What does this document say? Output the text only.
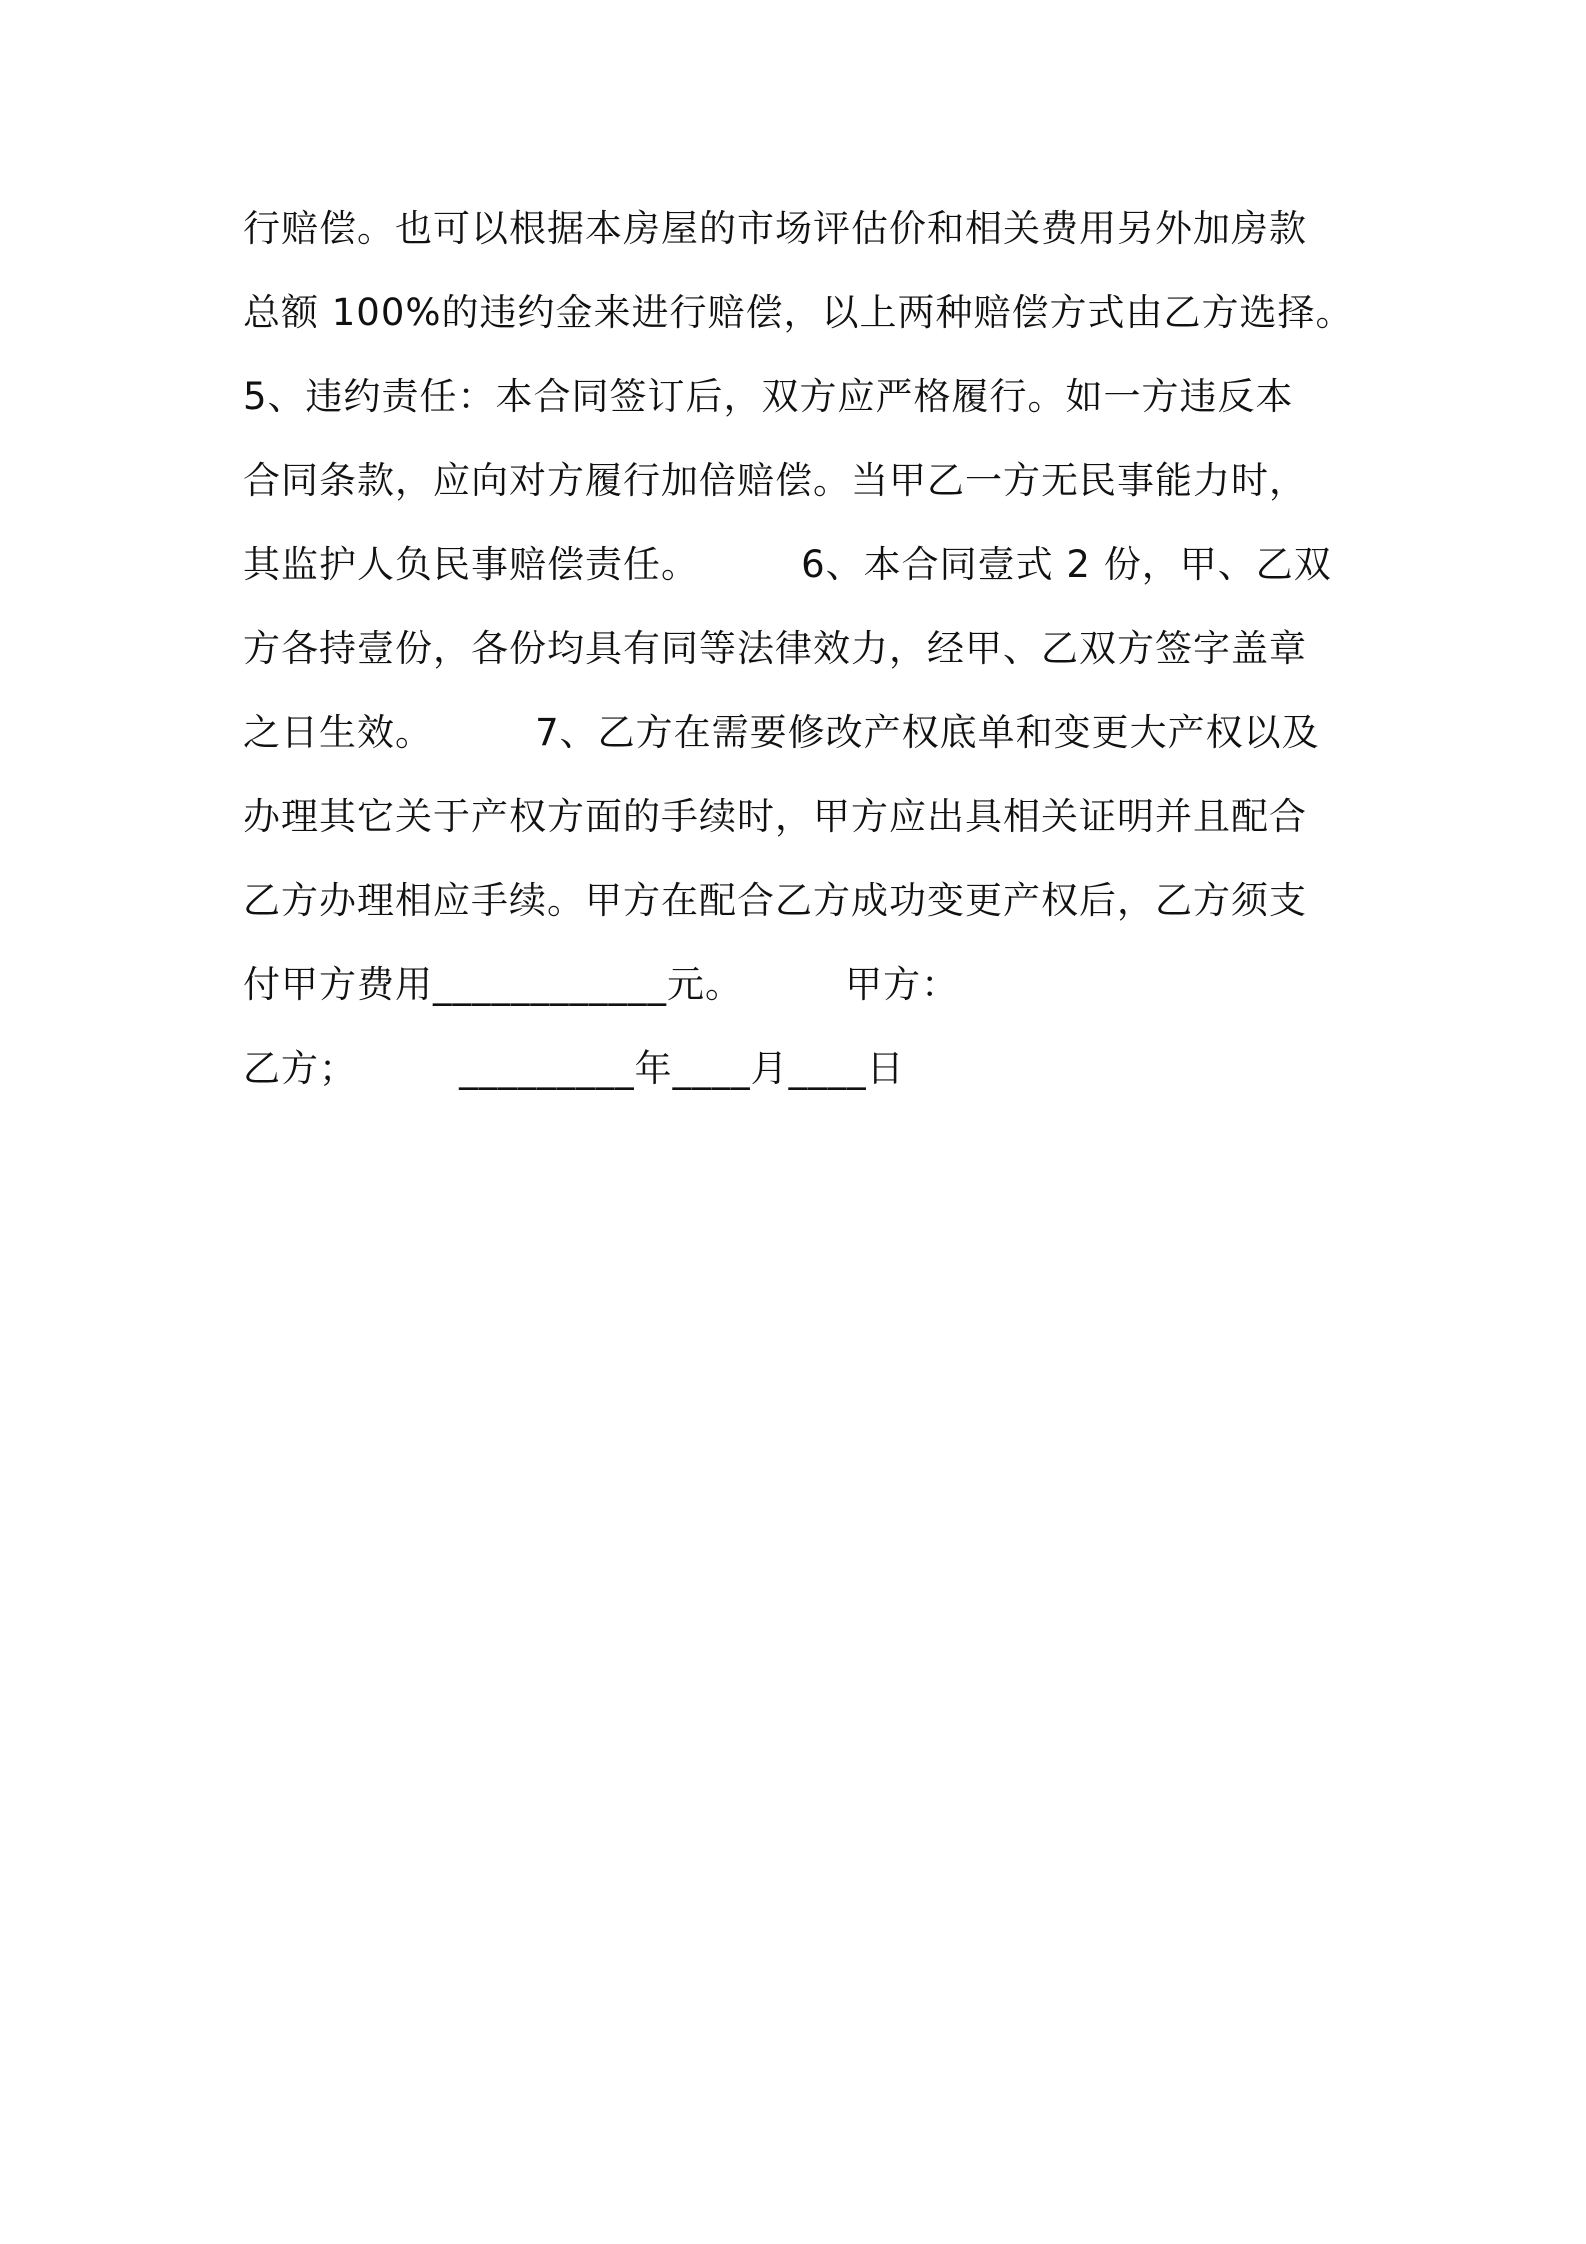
行赔偿。也可以根据本房屋的市场评估价和相关费用另外加房款
总额 100%的违约金来进行赔偿，以上两种赔偿方式由乙方选择。
5、违约责任：本合同签订后，双方应严格履行。如一方违反本
合同条款，应向对方履行加倍赔偿。当甲乙一方无民事能力时，
其监护人负民事赔偿责任。        6、本合同壹式 2 份，甲、乙双
方各持壹份，各份均具有同等法律效力，经甲、乙双方签字盖章
之日生效。        7、乙方在需要修改产权底单和变更大产权以及
办理其它关于产权方面的手续时，甲方应出具相关证明并且配合
乙方办理相应手续。甲方在配合乙方成功变更产权后，乙方须支
付甲方费用____________元。        甲方：
乙方；        _________年____月____日
